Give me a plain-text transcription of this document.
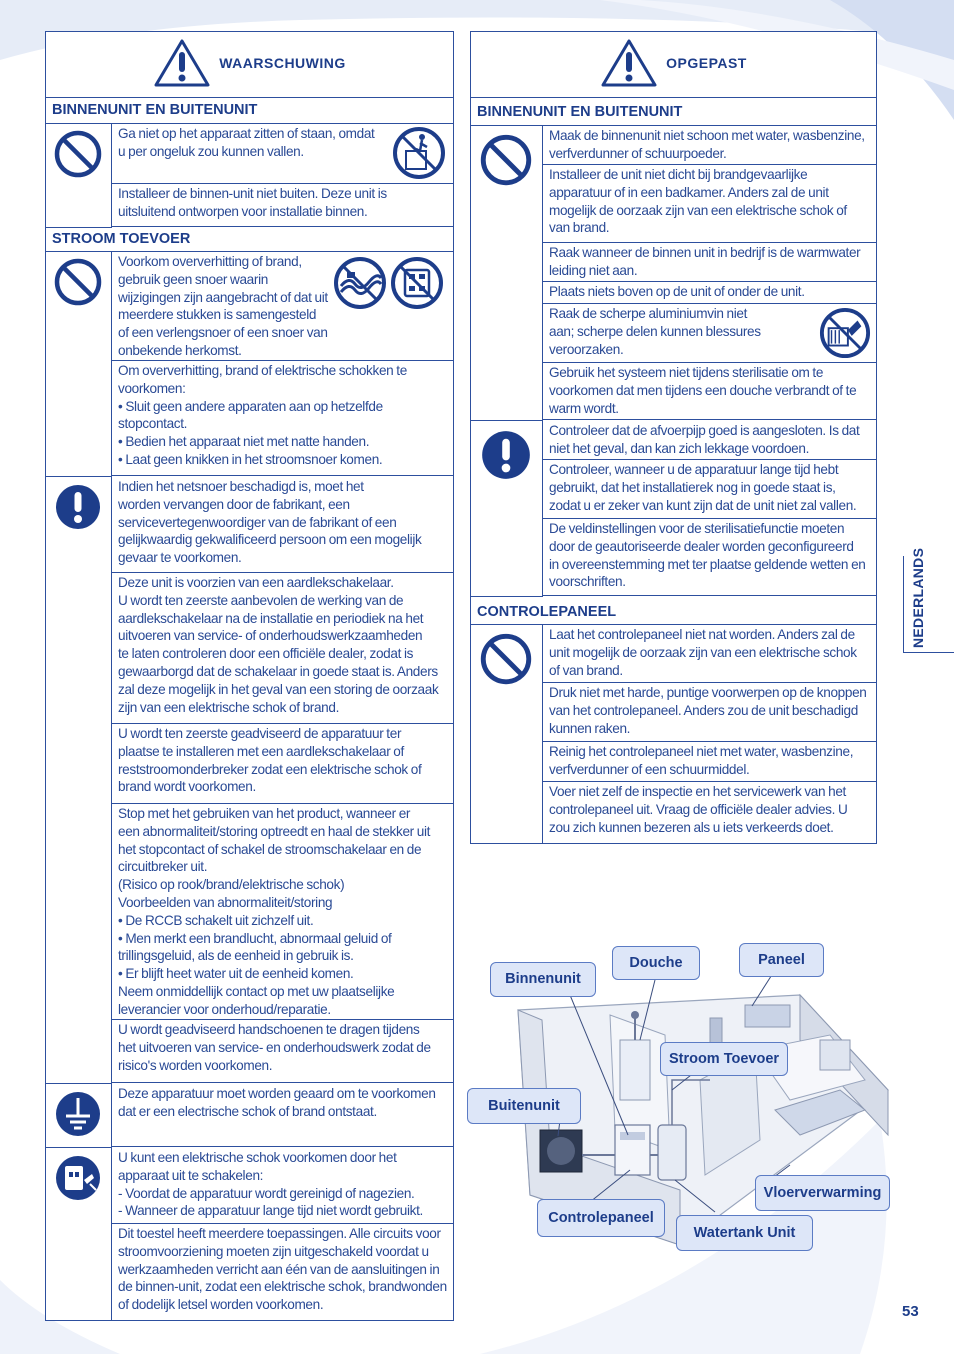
WAARSCHUWING
BINNENUNIT EN BUITENUNIT
Ga niet op het apparaat zitten of staan, omdat
u per ongeluk zou kunnen vallen.
Installeer de binnen-unit niet buiten. Deze unit is
uitsluitend ontworpen voor installatie binnen.
STROOM TOEVOER
Voorkom oververhitting of brand,
gebruik geen snoer waarin
wijzigingen zijn aangebracht of dat uit
meerdere stukken is samengesteld
of een verlengsnoer of een snoer van
onbekende herkomst.
Om oververhitting, brand of elektrische schokken te
voorkomen:
• Sluit geen andere apparaten aan op hetzelfde
stopcontact.
• Bedien het apparaat niet met natte handen.
• Laat geen knikken in het stroomsnoer komen.
Indien het netsnoer beschadigd is, moet het
worden vervangen door de fabrikant, een
servicevertegenwoordiger van de fabrikant of een
gelijkwaardig gekwalificeerd persoon om een mogelijk
gevaar te voorkomen.
Deze unit is voorzien van een aardlekschakelaar.
U wordt ten zeerste aanbevolen de werking van de
aardlekschakelaar na de installatie en periodiek na het
uitvoeren van service- of onderhoudswerkzaamheden
te laten controleren door een officiële dealer, zodat is
gewaarborgd dat de schakelaar in goede staat is. Anders
zal deze mogelijk in het geval van een storing de oorzaak
zijn van een elektrische schok of brand.
U wordt ten zeerste geadviseerd de apparatuur ter
plaatse te installeren met een aardlekschakelaar of
reststroomonderbreker zodat een elektrische schok of
brand wordt voorkomen.
Stop met het gebruiken van het product, wanneer er
een abnormaliteit/storing optreedt en haal de stekker uit
het stopcontact of schakel de stroomschakelaar en de
circuitbreker uit.
(Risico op rook/brand/elektrische schok)
Voorbeelden van abnormaliteit/storing
• De RCCB schakelt uit zichzelf uit.
• Men merkt een brandlucht, abnormaal geluid of
trillingsgeluid, als de eenheid in gebruik is.
• Er blijft heet water uit de eenheid komen.
Neem onmiddellijk contact op met uw plaatselijke
leverancier voor onderhoud/reparatie.
U wordt geadviseerd handschoenen te dragen tijdens
het uitvoeren van service- en onderhoudswerk zodat de
risico's worden voorkomen.
Deze apparatuur moet worden geaard om te voorkomen
dat er een electrische schok of brand ontstaat.
U kunt een elektrische schok voorkomen door het
apparaat uit te schakelen:
- Voordat de apparatuur wordt gereinigd of nagezien.
- Wanneer de apparatuur lange tijd niet wordt gebruikt.
Dit toestel heeft meerdere toepassingen. Alle circuits voor
stroomvoorziening moeten zijn uitgeschakeld voordat u
werkzaamheden verricht aan één van de aansluitingen in
de binnen-unit, zodat een elektrische schok, brandwonden
of dodelijk letsel worden voorkomen.
OPGEPAST
BINNENUNIT EN BUITENUNIT
Maak de binnenunit niet schoon met water, wasbenzine,
verfverdunner of schuurpoeder.
Installeer de unit niet dicht bij brandgevaarlijke
apparatuur of in een badkamer. Anders zal de unit
mogelijk de oorzaak zijn van een elektrische schok of
van brand.
Raak wanneer de binnen unit in bedrijf is de warmwater
leiding niet aan.
Plaats niets boven op de unit of onder de unit.
Raak de scherpe aluminiumvin niet
aan; scherpe delen kunnen blessures
veroorzaken.
Gebruik het systeem niet tijdens sterilisatie om te
voorkomen dat men tijdens een douche verbrandt of te
warm wordt.
Controleer dat de afvoerpijp goed is aangesloten. Is dat
niet het geval, dan kan zich lekkage voordoen.
Controleer, wanneer u de apparatuur lange tijd hebt
gebruikt, dat het installatierek nog in goede staat is,
zodat u er zeker van kunt zijn dat de unit niet zal vallen.
De veldinstellingen voor de sterilisatiefunctie moeten
door de geautoriseerde dealer worden geconfigureerd
in overeenstemming met ter plaatse geldende wetten en
voorschriften.
CONTROLEPANEEL
Laat het controlepaneel niet nat worden. Anders zal de
unit mogelijk de oorzaak zijn van een elektrische schok
of van brand.
Druk niet met harde, puntige voorwerpen op de knoppen
van het controlepaneel. Anders zou de unit beschadigd
kunnen raken.
Reinig het controlepaneel niet met water, wasbenzine,
verfverdunner of een schuurmiddel.
Voer niet zelf de inspectie en het servicewerk van het
controlepaneel uit. Vraag de officiële dealer advies. U
zou zich kunnen bezeren als u iets verkeerds doet.
NEDERLANDS
Binnenunit
Douche	Paneel
Stroom Toevoer
Buitenunit
Vloerverwarming
Controlepaneel
Watertank Unit
53
